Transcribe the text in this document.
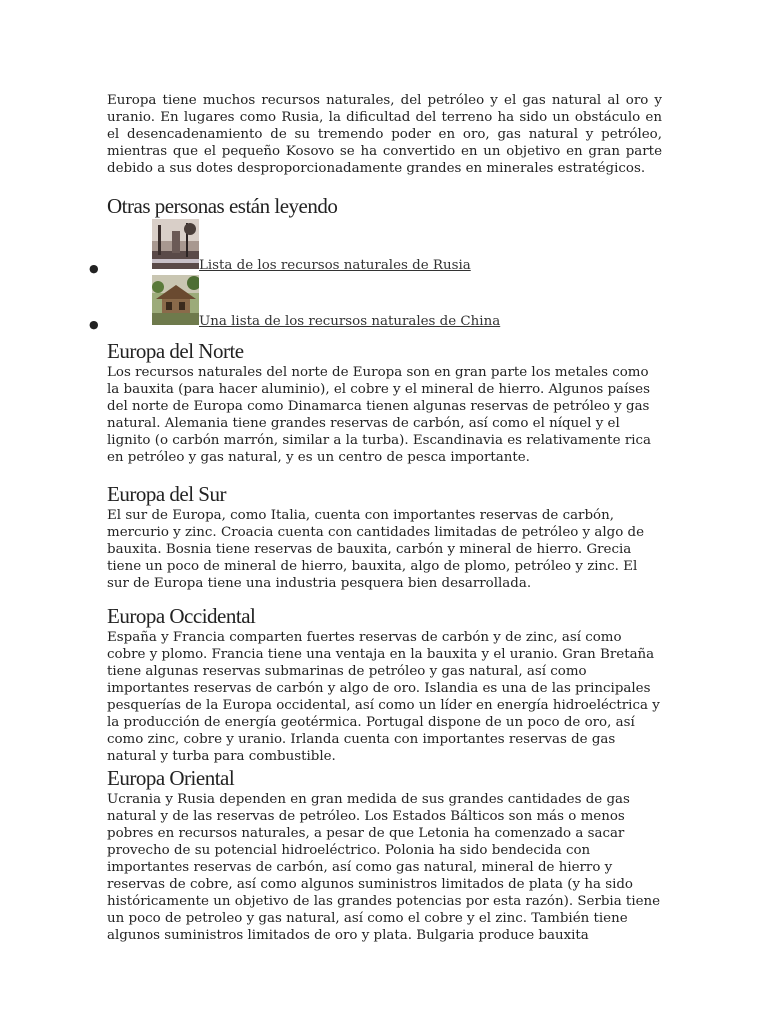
Europa tiene muchos recursos naturales, del petróleo y el gas natural al oro y uranio. En lugares como Rusia, la dificultad del terreno ha sido un obstáculo en el desencadenamiento de su tremendo poder en oro, gas natural y petróleo, mientras que el pequeño Kosovo se ha convertido en un objetivo en gran parte debido a sus dotes desproporcionadamente grandes en minerales estratégicos.

Otras personas están leyendo
●	Lista de los recursos naturales de Rusia
●	Una lista de los recursos naturales de China
Europa del Norte

Los recursos naturales del norte de Europa son en gran parte los metales como la bauxita (para hacer aluminio), el cobre y el mineral de hierro. Algunos países del norte de Europa como Dinamarca tienen algunas reservas de petróleo y gas natural. Alemania tiene grandes reservas de carbón, así como el níquel y el lignito (o carbón marrón, similar a la turba). Escandinavia es relativamente rica en petróleo y gas natural, y es un centro de pesca importante.

Europa del Sur

El sur de Europa, como Italia, cuenta con importantes reservas de carbón, mercurio y zinc. Croacia cuenta con cantidades limitadas de petróleo y algo de bauxita. Bosnia tiene reservas de bauxita, carbón y mineral de hierro. Grecia tiene un poco de mineral de hierro, bauxita, algo de plomo, petróleo y zinc. El sur de Europa tiene una industria pesquera bien desarrollada.

Europa Occidental

España y Francia comparten fuertes reservas de carbón y de zinc, así como cobre y plomo. Francia tiene una ventaja en la bauxita y el uranio. Gran Bretaña tiene algunas reservas submarinas de petróleo y gas natural, así como importantes reservas de carbón y algo de oro. Islandia es una de las principales pesquerías de la Europa occidental, así como un líder en energía hidroeléctrica y la producción de energía geotérmica. Portugal dispone de un poco de oro, así como zinc, cobre y uranio. Irlanda cuenta con importantes reservas de gas natural y turba para combustible.

Europa Oriental

Ucrania y Rusia dependen en gran medida de sus grandes cantidades de gas natural y de las reservas de petróleo. Los Estados Bálticos son más o menos pobres en recursos naturales, a pesar de que Letonia ha comenzado a sacar provecho de su potencial hidroeléctrico. Polonia ha sido bendecida con importantes reservas de carbón, así como gas natural, mineral de hierro y reservas de cobre, así como algunos suministros limitados de plata (y ha sido históricamente un objetivo de las grandes potencias por esta razón). Serbia tiene un poco de petroleo y gas natural, así como el cobre y el zinc. También tiene algunos suministros limitados de oro y plata. Bulgaria produce bauxita
